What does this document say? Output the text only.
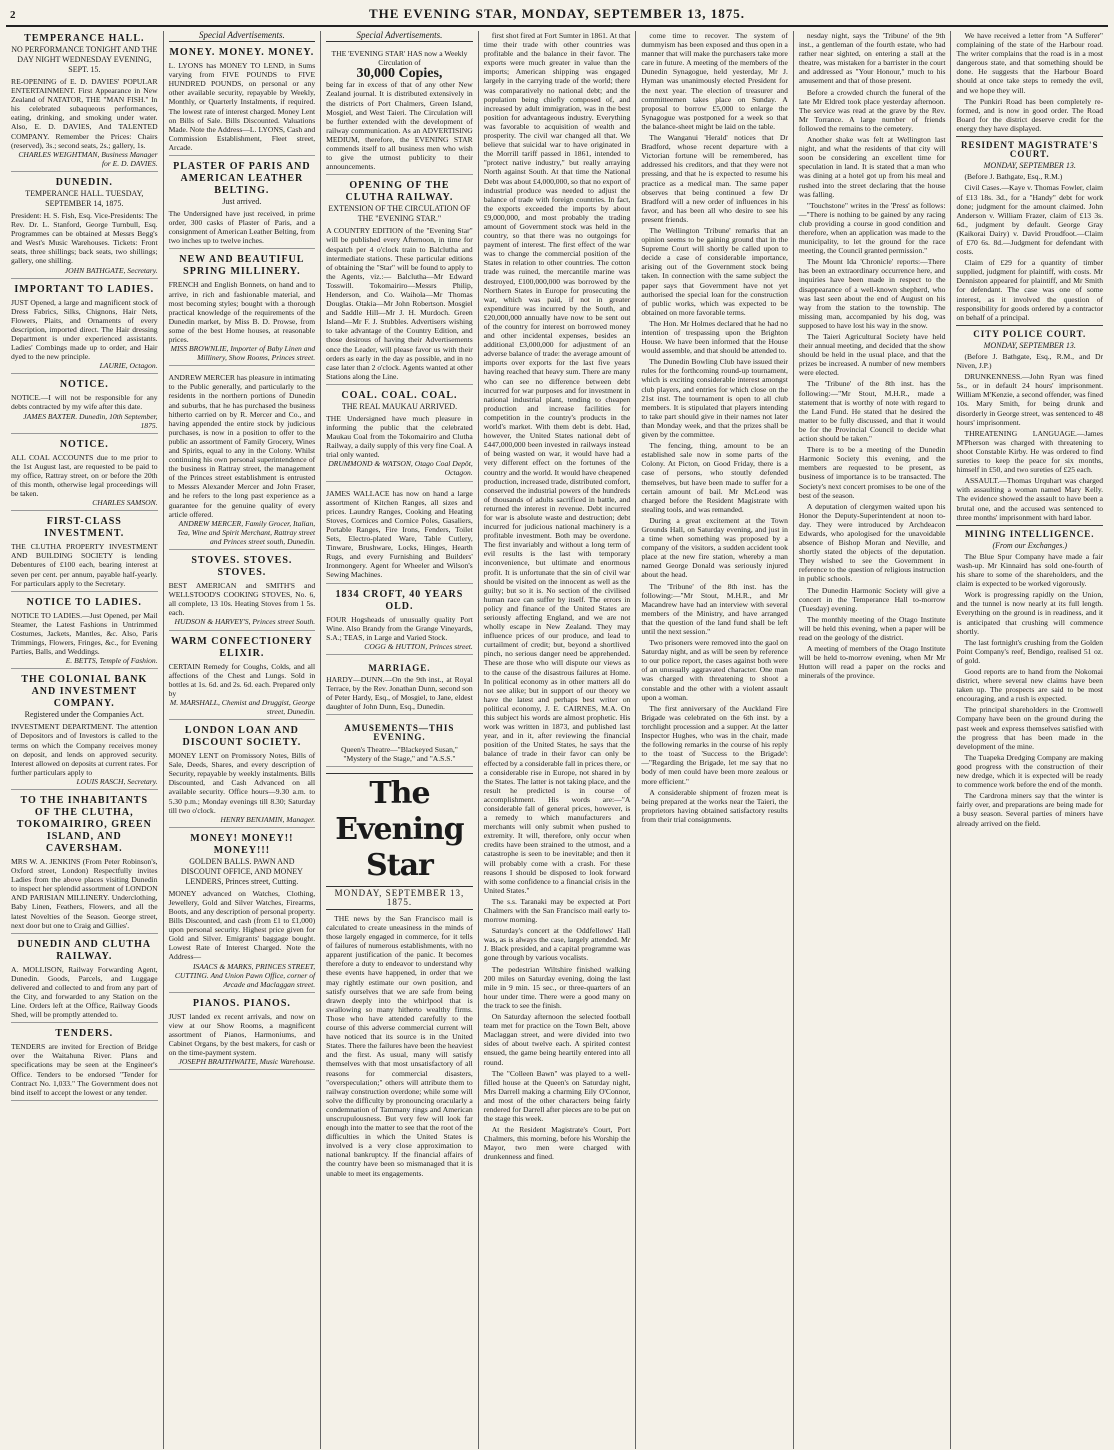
2	THE EVENING STAR, MONDAY, SEPTEMBER 13, 1875.
TEMPERANCE HALL.
NO PERFORMANCE TONIGHT AND THE DAY NIGHT WEDNESDAY EVENING, SEPT. 15.
RE-OPENING of E. D. DAVIES' POPULAR ENTERTAINMENT. First Appearance in New Zealand of NATATOR, THE "MAN FISH." In his celebrated subaqueous performances, eating, drinking, and smoking under water. Also, E. D. DAVIES, And TALENTED COMPANY. Remember the Prices: Chairs (reserved), 3s.; second seats, 2s.; gallery, 1s.
CHARLES WEIGHTMAN, Business Manager for E. D. DAVIES.
DUNEDIN.
TEMPERANCE HALL. TUESDAY, SEPTEMBER 14, 1875.
President: H. S. Fish, Esq. Vice-Presidents: The Rev. Dr. L. Stanford, George Turnbull, Esq. Programmes can be obtained at Messrs Begg's and West's Music Warehouses. Tickets: Front seats, three shillings; back seats, two shillings; gallery, one shilling.
JOHN BATHGATE, Secretary.
IMPORTANT TO LADIES.
JUST Opened, a large and magnificent stock of Dress Fabrics, Silks, Chignons, Hair Nets, Flowers, Plaits, and Ornaments of every description, imported direct. The Hair dressing Department is under experienced assistants. Ladies' Combings made up to order, and Hair dyed to the new principle.
LAURIE, Octagon.
NOTICE.
NOTICE.—I will not be responsible for any debts contracted by my wife after this date.
JAMES BAXTER. Dunedin, 10th September, 1875.
NOTICE.
ALL COAL ACCOUNTS due to me prior to the 1st August last, are requested to be paid to my office, Rattray street, on or before the 20th of this month, otherwise legal proceedings will be taken.
CHARLES SAMSON.
FIRST-CLASS INVESTMENT.
THE CLUTHA PROPERTY INVESTMENT AND BUILDING SOCIETY is lending Debentures of £100 each, bearing interest at seven per cent. per annum, payable half-yearly. For particulars apply to the Secretary.
NOTICE TO LADIES.
NOTICE TO LADIES.—Just Opened, per Mail Steamer, the Latest Fashions in Untrimmed Costumes, Jackets, Mantles, &c. Also, Paris Trimmings, Flowers, Fringes, &c., for Evening Parties, Balls, and Weddings.
E. BETTS, Temple of Fashion.
THE COLONIAL BANK AND INVESTMENT COMPANY.
Registered under the Companies Act.
INVESTMENT DEPARTMENT. The attention of Depositors and of Investors is called to the terms on which the Company receives money on deposit, and lends on approved security. Interest allowed on deposits at current rates. For further particulars apply to
LOUIS RASCH, Secretary.
TO THE INHABITANTS OF THE CLUTHA, TOKOMAIRIRO, GREEN ISLAND, AND CAVERSHAM.
MRS W. A. JENKINS (From Peter Robinson's, Oxford street, London) Respectfully invites Ladies from the above places visiting Dunedin to inspect her splendid assortment of LONDON AND PARISIAN MILLINERY. Underclothing, Baby Linen, Feathers, Flowers, and all the latest Novelties of the Season. George street, next door but one to Craig and Gillies'.
DUNEDIN AND CLUTHA RAILWAY.
A. MOLLISON, Railway Forwarding Agent, Dunedin. Goods, Parcels, and Luggage delivered and collected to and from any part of the City, and forwarded to any Station on the Line. Orders left at the Office, Railway Goods Shed, will be promptly attended to.
TENDERS.
TENDERS are invited for Erection of Bridge over the Waitahuna River. Plans and specifications may be seen at the Engineer's Office. Tenders to be endorsed "Tender for Contract No. 1,033." The Government does not bind itself to accept the lowest or any tender.
Special Advertisements.
MONEY. MONEY. MONEY.
L. LYONS has MONEY TO LEND, in Sums varying from FIVE POUNDS to FIVE HUNDRED POUNDS, on personal or any other available security, repayable by Weekly, Monthly, or Quarterly Instalments, if required. The lowest rate of interest charged. Money Lent on Bills of Sale. Bills Discounted. Valuations Made. Note the Address—L. LYONS, Cash and Commission Establishment, Fleet street, Arcade.
PLASTER OF PARIS AND AMERICAN LEATHER BELTING.
Just arrived.
The Undersigned have just received, in prime order, 300 casks of Plaster of Paris, and a consignment of American Leather Belting, from two inches up to twelve inches.
NEW AND BEAUTIFUL SPRING MILLINERY.
FRENCH and English Bonnets, on hand and to arrive, in rich and fashionable material, and most becoming styles; bought with a thorough practical knowledge of the requirements of the Dunedin market, by Miss B. D. Prowse, from some of the best Home houses, at reasonable prices.
MISS BROWNLIE, Importer of Baby Linen and Millinery, Show Rooms, Princes street.
ANDREW MERCER has pleasure in intimating to the Public generally, and particularly to the residents in the northern portions of Dunedin and suburbs, that he has purchased the business hitherto carried on by R. Mercer and Co., and having appended the entire stock by judicious purchases, is now in a position to offer to the public an assortment of Family Grocery, Wines and Spirits, equal to any in the Colony. Whilst continuing his own personal superintendence of the business in Rattray street, the management of the Princes street establishment is entrusted to Messrs Alexander Mercer and John Fraser, and he refers to the long past experience as a guarantee for the genuine quality of every article offered.
ANDREW MERCER, Family Grocer, Italian, Tea, Wine and Spirit Merchant, Rattray street and Princes street south, Dunedin.
STOVES. STOVES. STOVES.
BEST AMERICAN and SMITH'S and WELLSTOOD'S COOKING STOVES, No. 6, all complete, 13 10s. Heating Stoves from 1 5s. each.
HUDSON & HARVEY'S, Princes street South.
WARM CONFECTIONERY ELIXIR.
CERTAIN Remedy for Coughs, Colds, and all affections of the Chest and Lungs. Sold in bottles at 1s. 6d. and 2s. 6d. each. Prepared only by
M. MARSHALL, Chemist and Druggist, George street, Dunedin.
LONDON LOAN AND DISCOUNT SOCIETY.
MONEY LENT on Promissory Notes, Bills of Sale, Deeds, Shares, and every description of Security, repayable by weekly instalments. Bills Discounted, and Cash Advanced on all available security. Office hours—9.30 a.m. to 5.30 p.m.; Monday evenings till 8.30; Saturday till two o'clock.
HENRY BENJAMIN, Manager.
MONEY! MONEY!! MONEY!!!
GOLDEN BALLS. PAWN AND DISCOUNT OFFICE, AND MONEY LENDERS, Princes street, Cutting.
MONEY advanced on Watches, Clothing, Jewellery, Gold and Silver Watches, Firearms, Boots, and any description of personal property. Bills Discounted, and cash (from £1 to £1,000) upon personal security. Highest price given for Gold and Silver. Emigrants' baggage bought. Lowest Rate of Interest Charged. Note the Address—
ISAACS & MARKS, PRINCES STREET, CUTTING. And Union Pawn Office, corner of Arcade and Maclaggan street.
PIANOS. PIANOS.
JUST landed ex recent arrivals, and now on view at our Show Rooms, a magnificent assortment of Pianos, Harmoniums, and Cabinet Organs, by the best makers, for cash or on the time-payment system.
JOSEPH BRAITHWAITE, Music Warehouse.
Special Advertisements.
THE 'EVENING STAR' HAS now a Weekly Circulation of
30,000 Copies,
being far in excess of that of any other New Zealand journal. It is distributed extensively in the districts of Port Chalmers, Green Island, Mosgiel, and West Taieri. The Circulation will be further extended with the development of railway communication. As an ADVERTISING MEDIUM, therefore, the EVENING STAR commends itself to all business men who wish to give the utmost publicity to their announcements.
OPENING OF THE CLUTHA RAILWAY.
EXTENSION OF THE CIRCULATION OF THE "EVENING STAR."
A COUNTRY EDITION of the "Evening Star" will be published every Afternoon, in time for despatch per 4 o'clock train to Balclutha and intermediate stations. These particular editions of obtaining the "Star" will be found to apply to the Agents, viz.:— Balclutha—Mr Edward Tosswill. Tokomairiro—Messrs Philip, Henderson, and Co. Waihola—Mr Thomas Douglas. Otakia—Mr John Robertson. Mosgiel and Saddle Hill—Mr J. H. Murdoch. Green Island—Mr F. J. Stubbles. Advertisers wishing to take advantage of the Country Edition, and those desirous of having their Advertisements once the Leader, will please favor us with their orders as early in the day as possible, and in no case later than 2 o'clock. Agents wanted at other Stations along the Line.
COAL. COAL. COAL.
THE REAL MAUKAU ARRIVED.
THE Undersigned have much pleasure in informing the public that the celebrated Maukau Coal from the Tokomairiro and Clutha Railway, a daily supply of this very fine Coal. A trial only wanted.
DRUMMOND & WATSON, Otago Coal Depôt, Octagon.
JAMES WALLACE has now on hand a large assortment of Kitchen Ranges, all sizes and prices. Laundry Ranges, Cooking and Heating Stoves, Cornices and Cornice Poles, Gasaliers, Portable Ranges, Fire Irons, Fenders, Toilet Sets, Electro-plated Ware, Table Cutlery, Tinware, Brushware, Locks, Hinges, Hearth Rugs, and every Furnishing and Builders' Ironmongery. Agent for Wheeler and Wilson's Sewing Machines.
1834 CROFT, 40 YEARS OLD.
FOUR Hogsheads of unusually quality Port Wine. Also Brandy from the Grange Vineyards, S.A.; TEAS, in Large and Varied Stock.
COGG & HUTTON, Princes street.
MARRIAGE.
HARDY—DUNN.—On the 9th inst., at Royal Terrace, by the Rev. Jonathan Dunn, second son of Peter Hardy, Esq., of Mosgiel, to Jane, eldest daughter of John Dunn, Esq., Dunedin.
AMUSEMENTS—THIS EVENING.
Queen's Theatre—"Blackeyed Susan," "Mystery of the Stage," and "A.S.S."
The Evening Star
MONDAY, SEPTEMBER 13, 1875.

THE news by the San Francisco mail is calculated to create uneasiness in the minds of those largely engaged in commerce, for it tells of failures of numerous establishments, with no apparent justification of the panic. It becomes therefore a duty to endeavor to understand why these events have happened, in order that we may rightly estimate our own position, and satisfy ourselves that we are safe from being drawn deeply into the whirlpool that is swallowing so many hitherto wealthy firms. Those who have attended carefully to the course of this adverse commercial current will have noticed that its source is in the United States. There the failures have been the heaviest and the first. As usual, many will satisfy themselves with that most unsatisfactory of all reasons for commercial disasters, "overspeculation;" others will attribute them to railway construction overdone; while some will solve the difficulty by pronouncing oracularly a condemnation of Tammany rings and American unscrupulousness. But very few will look far enough into the matter to see that the root of the difficulties in which the United States is involved is a very close approximation to national bankruptcy. If the financial affairs of the country have been so mismanaged that it is unable to meet its engagements.

first shot fired at Fort Sumter in 1861. At that time their trade with other countries was profitable and the balance in their favor. The exports were much greater in value than the imports; American shipping was engaged largely in the carrying trade of the world; there was comparatively no national debt; and the population being chiefly composed of, and increased by adult immigration, was in the best position for advantageous industry. Everything was favorable to acquisition of wealth and prosperity. The civil war changed all that. We believe that suicidal war to have originated in the Morrill tariff passed in 1861, intended to "protect native industry," but really arraying North against South. At that time the National Debt was about £4,000,000, so that no export of industrial produce was needed to adjust the balance of trade with foreign countries. In fact, the exports exceeded the imports by about £9,000,000, and most probably the trading amount of Government stock was held in the country, so that there was no outgoings for payment of interest. The first effect of the war was to change the commercial position of the States in relation to other countries. The cotton trade was ruined, the mercantile marine was destroyed, £100,000,000 was borrowed by the Northern States in Europe for prosecuting the war, which was paid, if not in greater expenditure was incurred by the South, and £20,000,000 annually have now to be sent out of the country for interest on borrowed money and other incidental expenses, besides an additional £3,000,000 for adjustment of an adverse balance of trade: the average amount of imports over exports for the last five years having reached that heavy sum. There are many who can see no difference between debt incurred for war purposes and for investment in national industrial plant, tending to cheapen production and increase facilities for competition in the country's products in the world's market. With them debt is debt. Had, however, the United States national debt of £447,000,000 been invested in railways instead of being wasted on war, it would have had a very different effect on the fortunes of the country and the world. It would have cheapened production, increased trade, distributed comfort, conserved the industrial powers of the hundreds of thousands of adults sacrificed in battle, and returned the interest in revenue. Debt incurred for war is absolute waste and destruction; debt incurred for judicious national machinery is a profitable investment. Both may be overdone. The first invariably and without a long term of evil results is the last with temporary inconvenience, but ultimate and enormous profit. It is unfortunate that the sin of civil war should be visited on the innocent as well as the guilty; but so it is. No section of the civilised human race can suffer by itself. The errors in policy and finance of the United States are seriously affecting England, and we are not wholly escape in New Zealand. They may influence prices of our produce, and lead to curtailment of credit; but, beyond a shortlived pinch, no serious danger need be apprehended. These are those who will dispute our views as to the cause of the disastrous failures at Home. In political economy as in other matters all do not see alike; but in support of our theory we have the latest and perhaps best writer on political economy, J. E. CAIRNES, M.A. On this subject his words are almost prophetic. His work was written in 1873, and published last year, and in it, after reviewing the financial position of the United States, he says that the balance of trade in their favor can only be effected by a considerable fall in prices there, or a considerable rise in Europe, not shared in by the States. The latter is not taking place, and the result he predicted is in course of accomplishment. His words are:—"A considerable fall of general prices, however, is a remedy to which manufacturers and merchants will only submit when pushed to extremity. It will, therefore, only occur when credits have been strained to the utmost, and a catastrophe is seen to be inevitable; and then it will probably come with a crash. For these reasons I should be disposed to look forward with some confidence to a financial crisis in the United States."

The s.s. Taranaki may be expected at Port Chalmers with the San Francisco mail early to-morrow morning.

Saturday's concert at the Oddfellows' Hall was, as is always the case, largely attended. Mr J. Black presided, and a capital programme was gone through by various vocalists.

The pedestrian Wiltshire finished walking 200 miles on Saturday evening, doing the last mile in 9 min. 15 sec., or three-quarters of an hour under time. There were a good many on the track to see the finish.

On Saturday afternoon the selected football team met for practice on the Town Belt, above Maclaggan street, and were divided into two sides of about twelve each. A spirited contest ensued, the game being heartily entered into all round.

The "Colleen Bawn" was played to a well-filled house at the Queen's on Saturday night, Mrs Darrell making a charming Eily O'Connor, and most of the other characters being fairly rendered for Darrell after pieces are to be put on the stage this week.

At the Resident Magistrate's Court, Port Chalmers, this morning, before his Worship the Mayor, two men were charged with drunkenness and fined.

come time to recover. The system of dummyism has been exposed and thus open in a manner that will make the purchasers take more care in future. A meeting of the members of the Dunedin Synagogue, held yesterday, Mr J. Hyman was unanimously elected President for the next year. The election of treasurer and committeemen takes place on Sunday. A proposal to borrow £5,000 to enlarge the Synagogue was postponed for a week so that the balance-sheet might be laid on the table.

The Wanganui 'Herald' notices that Dr Bradford, whose recent departure with a Victorian fortune will be remembered, has addressed his creditors, and that they were not pressing, and that he is expected to resume his practice as a medical man. The same paper observes that being continued a few Dr Bradford will a new order of influences in his favor, and has been all who desire to see his present friends.

The Wellington 'Tribune' remarks that an opinion seems to be gaining ground that in the Supreme Court will shortly be called upon to decide a case of considerable importance, arising out of the Government stock being taken. In connection with the same subject the paper says that Government have not yet authorised the special loan for the construction of public works, which was expected to be obtained on more favorable terms.

The Hon. Mr Holmes declared that he had no intention of trespassing upon the Brighton House. We have been informed that the House would assemble, and that should be attended to.

The Dunedin Bowling Club have issued their rules for the forthcoming round-up tournament, which is exciting considerable interest amongst club players, and entries for which close on the 21st inst. The tournament is open to all club members. It is stipulated that players intending to take part should give in their names not later than Monday week, and that the prizes shall be given by the committee.

The fencing, thing, amount to be an established sale now in some parts of the Colony. At Picton, on Good Friday, there is a case of persons, who stoutly defended themselves, but have been made to suffer for a certain amount of bail. Mr McLeod was charged before the Resident Magistrate with stealing tools, and was remanded.

During a great excitement at the Town Grounds Hall, on Saturday evening, and just in a time when something was proposed by a company of the visitors, a sudden accident took place at the new fire station, whereby a man named George Donald was seriously injured about the head.

The 'Tribune' of the 8th inst. has the following:—"Mr Stout, M.H.R., and Mr Macandrew have had an interview with several members of the Ministry, and have arranged that the question of the land fund shall be left until the next session."

Two prisoners were removed into the gaol on Saturday night, and as will be seen by reference to our police report, the cases against both were of an unusually aggravated character. One man was charged with threatening to shoot a constable and the other with a violent assault upon a woman.

The first anniversary of the Auckland Fire Brigade was celebrated on the 6th inst. by a torchlight procession and a supper. At the latter Inspector Hughes, who was in the chair, made the following remarks in the course of his reply to the toast of 'Success to the Brigade':—"Regarding the Brigade, let me say that no body of men could have been more zealous or more efficient."

A considerable shipment of frozen meat is being prepared at the works near the Taieri, the proprietors having obtained satisfactory results from their trial consignments.

nesday night, says the 'Tribune' of the 9th inst., a gentleman of the fourth estate, who had rather near sighted, on entering a stall at the theatre, was mistaken for a barrister in the court and addressed as "Your Honour," much to his amusement and that of those present.

Before a crowded church the funeral of the late Mr Eldred took place yesterday afternoon. The service was read at the grave by the Rev. Mr Torrance. A large number of friends followed the remains to the cemetery.

Another shake was felt at Wellington last night, and what the residents of that city will soon be considering an excellent time for speculation in land. It is stated that a man who was dining at a hotel got up from his meal and rushed into the street declaring that the house was falling.

"Touchstone" writes in the 'Press' as follows:—"There is nothing to be gained by any racing club providing a course in good condition and therefore, when an application was made to the municipality, to let the ground for the race meeting, the Council granted permission."

The Mount Ida 'Chronicle' reports:—There has been an extraordinary occurrence here, and inquiries have been made in respect to the disappearance of a well-known shepherd, who was last seen about the end of August on his way from the station to the township. The missing man, accompanied by his dog, was supposed to have lost his way in the snow.

The Taieri Agricultural Society have held their annual meeting, and decided that the show should be held in the usual place, and that the prizes be increased. A number of new members were elected.

The 'Tribune' of the 8th inst. has the following:—"Mr Stout, M.H.R., made a statement that is worthy of note with regard to the Land Fund. He stated that he desired the matter to be fully discussed, and that it would be for the Provincial Council to decide what action should be taken."

There is to be a meeting of the Dunedin Harmonic Society this evening, and the members are requested to be present, as business of importance is to be transacted. The Society's next concert promises to be one of the best of the season.

A deputation of clergymen waited upon his Honor the Deputy-Superintendent at noon to-day. They were introduced by Archdeacon Edwards, who apologised for the unavoidable absence of Bishop Moran and Neville, and shortly stated the objects of the deputation. They wished to see the Government in reference to the question of religious instruction in public schools.

The Dunedin Harmonic Society will give a concert in the Temperance Hall to-morrow (Tuesday) evening.

The monthly meeting of the Otago Institute will be held this evening, when a paper will be read on the geology of the district.

A meeting of members of the Otago Institute will be held to-morrow evening, when Mr Mr Hutton will read a paper on the rocks and minerals of the province.

We have received a letter from "A Sufferer" complaining of the state of the Harbour road. The writer complains that the road is in a most dangerous state, and that something should be done. He suggests that the Harbour Board should at once take steps to remedy the evil, and we hope they will.

The Punkiri Road has been completely re-formed, and is now in good order. The Road Board for the district deserve credit for the energy they have displayed.

RESIDENT MAGISTRATE'S COURT.
MONDAY, SEPTEMBER 13.

(Before J. Bathgate, Esq., R.M.)

Civil Cases.—Kaye v. Thomas Fowler, claim of £13 18s. 3d., for a "Handy" debt for work done; judgment for the amount claimed. John Anderson v. William Frazer, claim of £13 3s. 6d., judgment by default. George Gray (Kaikorai Dairy) v. David Proudfoot.—Claim of £70 6s. 8d.—Judgment for defendant with costs.

Claim of £29 for a quantity of timber supplied, judgment for plaintiff, with costs. Mr Denniston appeared for plaintiff, and Mr Smith for defendant. The case was one of some interest, as it involved the question of responsibility for goods ordered by a contractor on behalf of a principal.

CITY POLICE COURT.
MONDAY, SEPTEMBER 13.

(Before J. Bathgate, Esq., R.M., and Dr Niven, J.P.)

DRUNKENNESS.—John Ryan was fined 5s., or in default 24 hours' imprisonment. William M'Kenzie, a second offender, was fined 10s. Mary Smith, for being drunk and disorderly in George street, was sentenced to 48 hours' imprisonment.

THREATENING LANGUAGE.—James M'Pherson was charged with threatening to shoot Constable Kirby. He was ordered to find sureties to keep the peace for six months, himself in £50, and two sureties of £25 each.

ASSAULT.—Thomas Urquhart was charged with assaulting a woman named Mary Kelly. The evidence showed the assault to have been a brutal one, and the accused was sentenced to three months' imprisonment with hard labor.

MINING INTELLIGENCE.
(From our Exchanges.)

The Blue Spur Company have made a fair wash-up. Mr Kinnaird has sold one-fourth of his share to some of the shareholders, and the claim is expected to be worked vigorously.

Work is progressing rapidly on the Union, and the tunnel is now nearly at its full length. Everything on the ground is in readiness, and it is anticipated that crushing will commence shortly.

The last fortnight's crushing from the Golden Point Company's reef, Bendigo, realised 51 oz. of gold.

Good reports are to hand from the Nokomai district, where several new claims have been taken up. The prospects are said to be most encouraging, and a rush is expected.

The principal shareholders in the Cromwell Company have been on the ground during the past week and express themselves satisfied with the progress that has been made in the development of the mine.

The Tuapeka Dredging Company are making good progress with the construction of their new dredge, which it is expected will be ready to commence work before the end of the month.

The Cardrona miners say that the winter is fairly over, and preparations are being made for a busy season. Several parties of miners have already arrived on the field.
